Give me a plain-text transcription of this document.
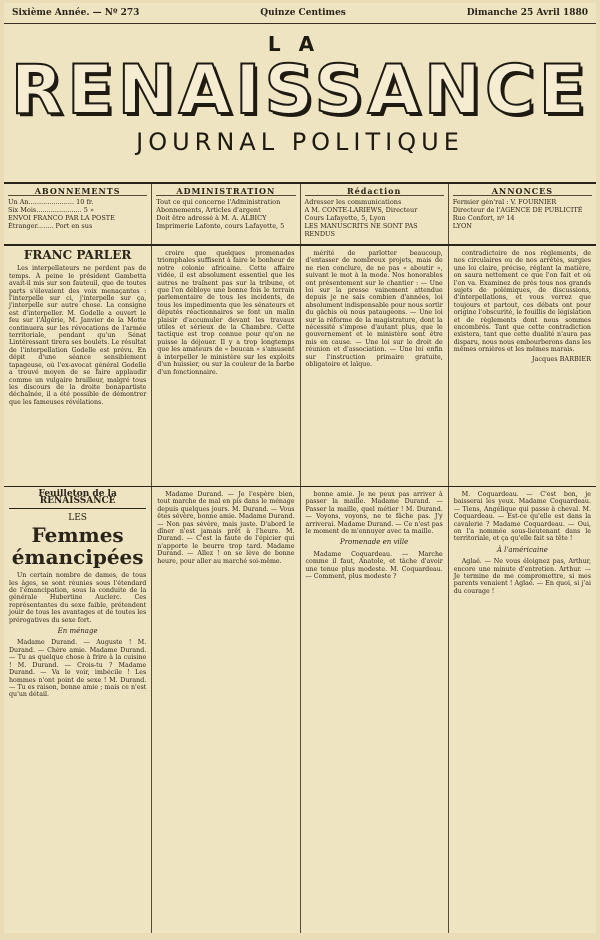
Sixième Année. — Nº 273	Quinze Centimes	Dimanche 25 Avril 1880
LA
RENAISSANCE
JOURNAL POLITIQUE
ABONNEMENTS
Un An...................... 10 fr.
Six Mois...................... 5 »
ENVOI FRANCO PAR LA POSTE
Étranger........ Port en sus
ADMINISTRATION
Tout ce qui concerne l'Administration
Abonnements, Articles d'argent
Doit être adressé à M. A. ALBICY
Imprimerie Lafonte, cours Lafayette, 5
Rédaction
Adresser les communications
A M. CONTE-LARIEWS, Directeur
Cours Lafayette, 5, Lyon
LES MANUSCRITS NE SONT PAS RENDUS
ANNONCES
Fermier gén'ral : V. FOURNIER
Directeur de l'AGENCE DE PUBLICITÉ
Rue Confort, nº 14
LYON
FRANC PARLER

Les interpellateurs ne perdent pas de temps. À peine le président Gambetta avait-il mis sur son fauteuil, que de toutes parts s'élevaient des voix menaçantes : l'interpelle sur ci, j'interpelle sur ça, j'interpelle sur autre chose. La consigne est d'interpeller. M. Godelle a ouvert le feu sur l'Algérie, M. Janvier de la Motte continuera sur les révocations de l'armée territoriale, pendant qu'un Sénat Lintéressant tirera ses boulets. Le résultat de l'interpellation Godelle est prévu. En dépit d'une séance sensiblement tapageuse, où l'ex-avocat général Godelle a trouvé moyen de se faire applaudir comme un vulgaire brailleur, malgré tous les discours de la droite bonapartiste déchaînée, il a été possible de démontrer que les fameuses révélations.

croire que quelques promenades triomphales suffisent à faire le bonheur de notre colonie africaine. Cette affaire vidée, il est absolument essentiel que les autres ne traînent pas sur la tribune, et que l'on débloye une bonne fois le terrain parlementaire de tous les incidents, de tous les impedimenta que les sénateurs et députés réactionnaires se font un malin plaisir d'accumuler devant les travaux utiles et sérieux de la Chambre. Cette tactique est trop connue pour qu'on ne puisse la déjouer. Il y a trop longtemps que les amateurs de « boucan » s'amusent à interpeller le ministère sur les exploits d'un huissier, ou sur la couleur de la barbe d'un fonctionnaire.

mérité de parlotter beaucoup, d'entasser de nombreux projets, mais de ne rien conclure, de ne pas « aboutir », suivant le mot à la mode. Nos honorables ont présentement sur le chantier : — Une loi sur la presse vainement attendue depuis je ne sais combien d'années, loi absolument indispensable pour nous sortir du gâchis où nous pataugeons. — Une loi sur la réforme de la magistrature, dont la nécessité s'impose d'autant plus, que le gouvernement et le ministère sont être mis en cause. — Une loi sur le droit de réunion et d'association. — Une loi enfin sur l'instruction primaire gratuite, obligatoire et laïque.

contradictoire de nos règlements, de nos circulaires ou de nos arrêtés, surgies une loi claire, précise, réglant la matière, on saura nettement ce que l'on fait et où l'on va. Examinez de près tous nos grands sujets de polémiques, de discussions, d'interpellations, et vous verrez que toujours et partout, ces débats ont pour origine l'obscurité, le fouillis de législation et de règlements dont nous sommes encombrés. Tant que cette contradiction existera, tant que cette dualité n'aura pas disparu, nous nous embourberons dans les mêmes ornières et les mêmes marais.

Jacques BARBIER
Feuilleton de la RENAISSANCE
LES
Femmes émancipées

Un certain nombre de dames, de tous les âges, se sont réunies sous l'étendard de l'émancipation, sous la conduite de la générale Hubertine Auclerc. Ces représentantes du sexe faible, prétendent jouir de tous les avantages et de toutes les prérogatives du sexe fort.

En ménage

Madame Durand. — Auguste ! M. Durand. — Chère amie. Madame Durand. — Tu as quelque chose à frire à la cuisine ! M. Durand. — Crois-tu ? Madame Durand. — Va le voir, imbécile ! Les hommes n'ont point de sexe ! M. Durand. — Tu es raison, bonne amie ; mais ce n'est qu'un détail.

Madame Durand. — Je l'espère bien, tout marche de mal en pis dans le ménage depuis quelques jours. M. Durand. — Vous êtes sévère, bonne amie. Madame Durand. — Non pas sévère, mais juste. D'abord le dîner n'est jamais prêt à l'heure. M. Durand. — C'est la faute de l'épicier qui n'apporte le beurre trop tard. Madame Durand. — Allez ! on se lève de bonne heure, pour aller au marché soi-même.

bonne amie. Je ne peux pas arriver à passer la maille. Madame Durand. — Passer la maille, quel métier ! M. Durand. — Voyons, voyons, ne te fâche pas. J'y arriverai. Madame Durand. — Ce n'est pas le moment de m'ennuyer avec ta maille.

Promenade en ville

Madame Coquardeau. — Marche comme il faut, Anatole, et tâche d'avoir une tenue plus modeste. M. Coquardeau. — Comment, plus modeste ?

M. Coquardeau. — C'est bon, je baisserai les yeux. Madame Coquardeau. — Tiens, Angélique qui passe à cheval. M. Coquardeau. — Est-ce qu'elle est dans la cavalerie ? Madame Coquardeau. — Oui, on l'a nommée sous-lieutenant dans le territoriale, et ça qu'elle fait sa tête !

À l'américaine

Aglaé. — Ne vous éloignez pas, Arthur, encore une minute d'entretien. Arthur. — Je termine de me compromettre, si mes parents venaient ! Aglaé. — En quoi, si j'ai du courage !
